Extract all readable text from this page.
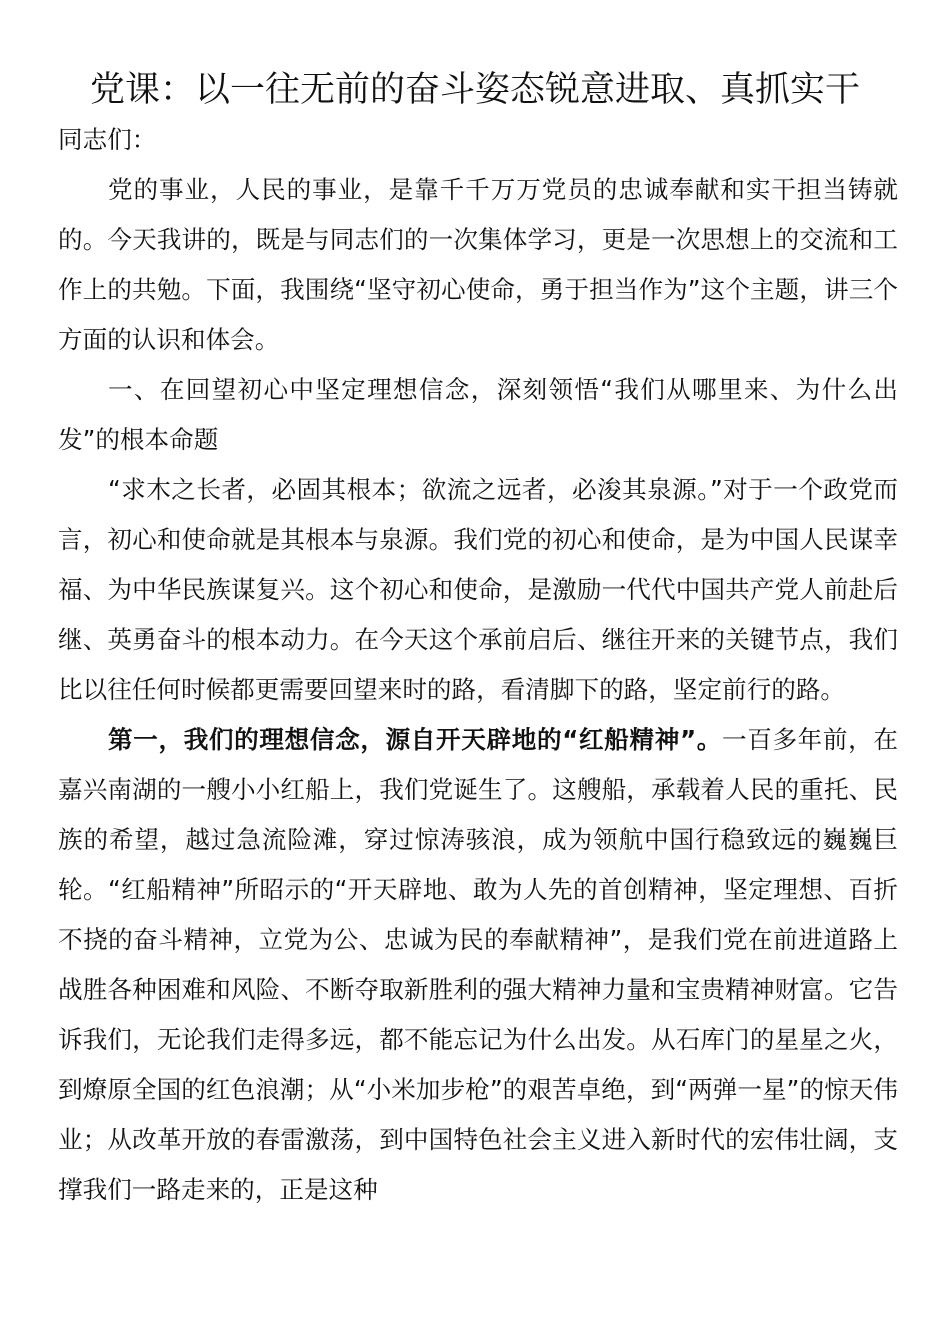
党课：以一往无前的奋斗姿态锐意进取、真抓实干

同志们：

党的事业，人民的事业，是靠千千万万党员的忠诚奉献和实干担当铸就的。今天我讲的，既是与同志们的一次集体学习，更是一次思想上的交流和工作上的共勉。下面，我围绕“坚守初心使命，勇于担当作为”这个主题，讲三个方面的认识和体会。

一、在回望初心中坚定理想信念，深刻领悟“我们从哪里来、为什么出发”的根本命题

“求木之长者，必固其根本；欲流之远者，必浚其泉源。”对于一个政党而言，初心和使命就是其根本与泉源。我们党的初心和使命，是为中国人民谋幸福、为中华民族谋复兴。这个初心和使命，是激励一代代中国共产党人前赴后继、英勇奋斗的根本动力。在今天这个承前启后、继往开来的关键节点，我们比以往任何时候都更需要回望来时的路，看清脚下的路，坚定前行的路。

第一，我们的理想信念，源自开天辟地的“红船精神”。一百多年前，在嘉兴南湖的一艘小小红船上，我们党诞生了。这艘船，承载着人民的重托、民族的希望，越过急流险滩，穿过惊涛骇浪，成为领航中国行稳致远的巍巍巨轮。“红船精神”所昭示的“开天辟地、敢为人先的首创精神，坚定理想、百折不挠的奋斗精神，立党为公、忠诚为民的奉献精神”，是我们党在前进道路上战胜各种困难和风险、不断夺取新胜利的强大精神力量和宝贵精神财富。它告诉我们，无论我们走得多远，都不能忘记为什么出发。从石库门的星星之火，到燎原全国的红色浪潮；从“小米加步枪”的艰苦卓绝，到“两弹一星”的惊天伟业；从改革开放的春雷激荡，到中国特色社会主义进入新时代的宏伟壮阔，支撑我们一路走来的，正是这种
